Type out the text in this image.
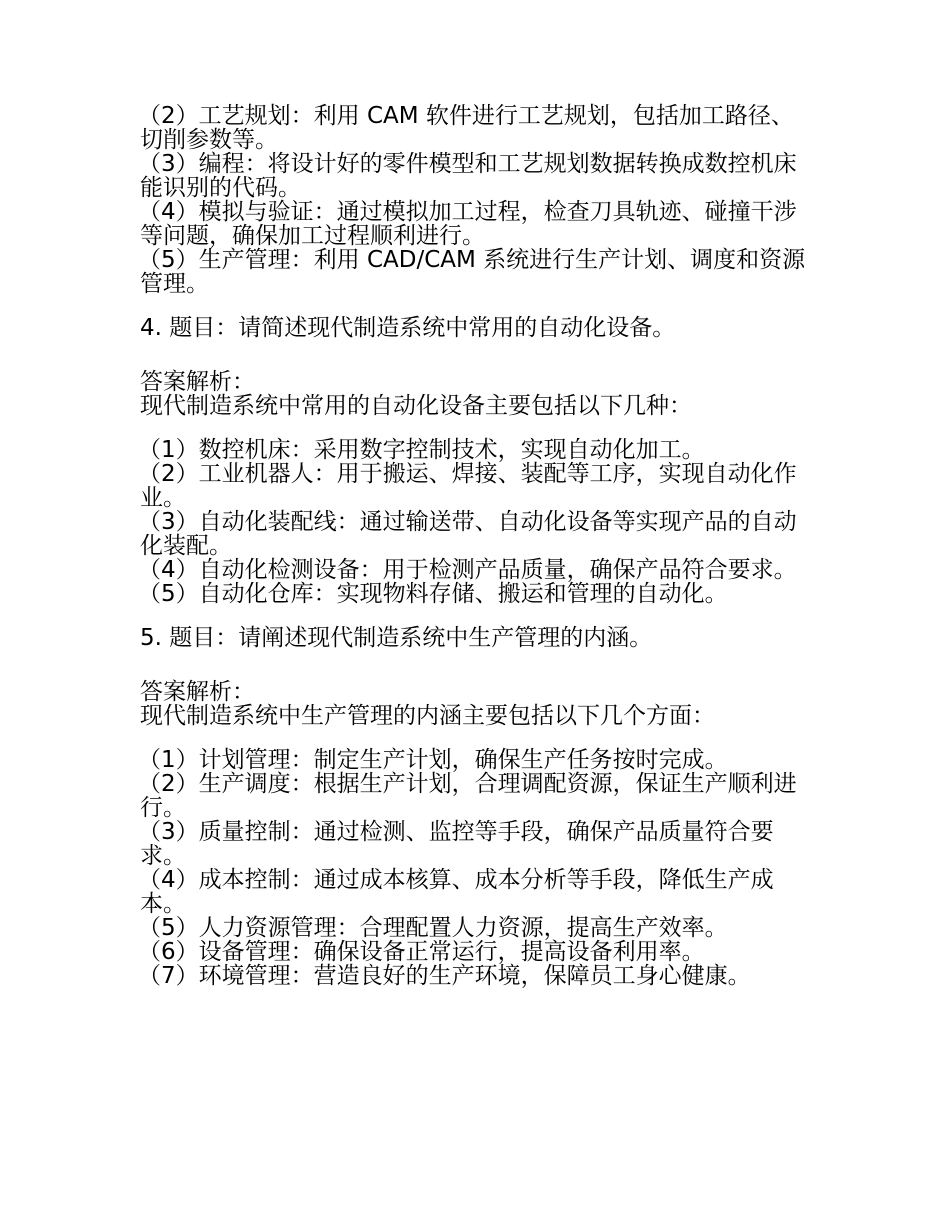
（2）工艺规划：利用 CAM 软件进行工艺规划，包括加工路径、切削参数等。

（3）编程：将设计好的零件模型和工艺规划数据转换成数控机床能识别的代码。

（4）模拟与验证：通过模拟加工过程，检查刀具轨迹、碰撞干涉等问题，确保加工过程顺利进行。

（5）生产管理：利用 CAD/CAM 系统进行生产计划、调度和资源管理。

4. 题目：请简述现代制造系统中常用的自动化设备。

答案解析：

现代制造系统中常用的自动化设备主要包括以下几种：

（1）数控机床：采用数字控制技术，实现自动化加工。

（2）工业机器人：用于搬运、焊接、装配等工序，实现自动化作业。

（3）自动化装配线：通过输送带、自动化设备等实现产品的自动化装配。

（4）自动化检测设备：用于检测产品质量，确保产品符合要求。

（5）自动化仓库：实现物料存储、搬运和管理的自动化。

5. 题目：请阐述现代制造系统中生产管理的内涵。

答案解析：

现代制造系统中生产管理的内涵主要包括以下几个方面：

（1）计划管理：制定生产计划，确保生产任务按时完成。

（2）生产调度：根据生产计划，合理调配资源，保证生产顺利进行。

（3）质量控制：通过检测、监控等手段，确保产品质量符合要求。

（4）成本控制：通过成本核算、成本分析等手段，降低生产成本。

（5）人力资源管理：合理配置人力资源，提高生产效率。

（6）设备管理：确保设备正常运行，提高设备利用率。

（7）环境管理：营造良好的生产环境，保障员工身心健康。
